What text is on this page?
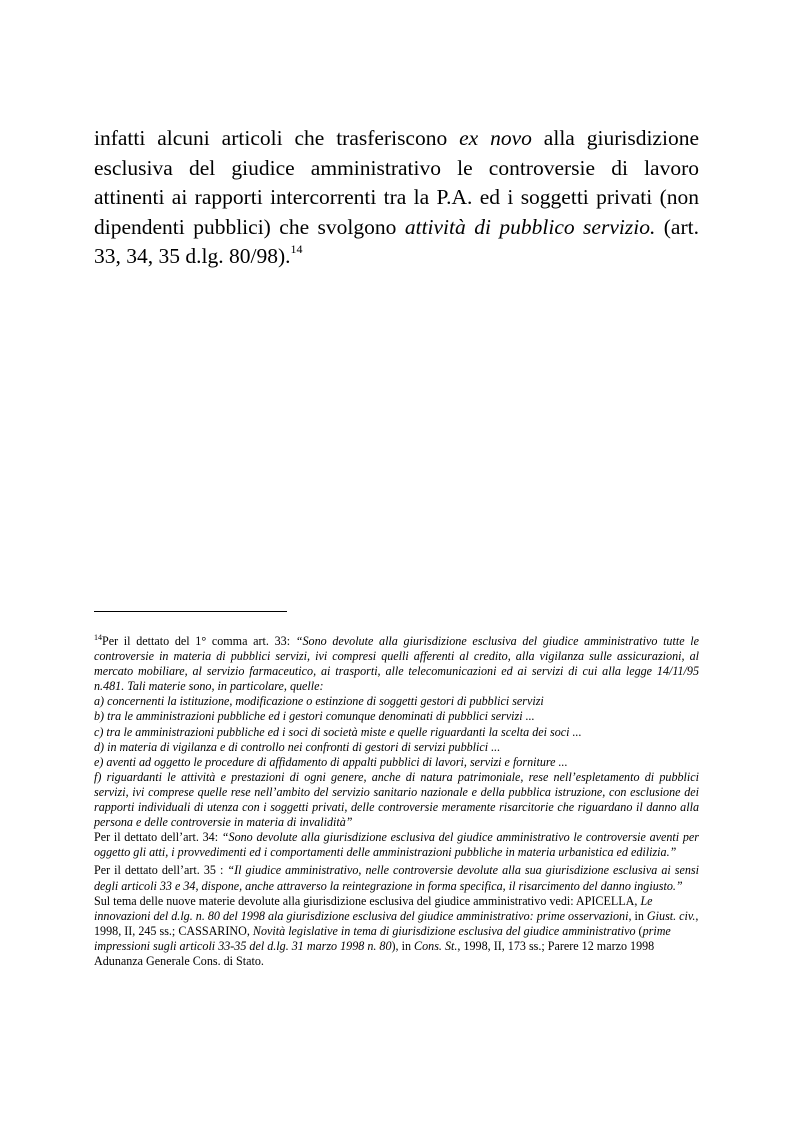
infatti alcuni articoli che trasferiscono ex novo alla giurisdizione esclusiva del giudice amministrativo le controversie di lavoro attinenti ai rapporti intercorrenti tra la P.A. ed i soggetti privati (non dipendenti pubblici) che svolgono attività di pubblico servizio. (art. 33, 34, 35 d.lg. 80/98).$^{14}$

$^{14}$Per il dettato del 1° comma art. 33: “Sono devolute alla giurisdizione esclusiva del giudice amministrativo tutte le controversie in materia di pubblici servizi, ivi compresi quelli afferenti al credito, alla vigilanza sulle assicurazioni, al mercato mobiliare, al servizio farmaceutico, ai trasporti, alle telecomunicazioni ed ai servizi di cui alla legge 14/11/95 n.481. Tali materie sono, in particolare, quelle:

a) concernenti la istituzione, modificazione o estinzione di soggetti gestori di pubblici servizi

b) tra le amministrazioni pubbliche ed i gestori comunque denominati di pubblici servizi ...

c) tra le amministrazioni pubbliche ed i soci di società miste e quelle riguardanti la scelta dei soci ...

d) in materia di vigilanza e di controllo nei confronti di gestori di servizi pubblici ...

e) aventi ad oggetto le procedure di affidamento di appalti pubblici di lavori, servizi e forniture ...

f) riguardanti le attività e prestazioni di ogni genere, anche di natura patrimoniale, rese nell’espletamento di pubblici servizi, ivi comprese quelle rese nell’ambito del servizio sanitario nazionale e della pubblica istruzione, con esclusione dei rapporti individuali di utenza con i soggetti privati, delle controversie meramente risarcitorie che riguardano il danno alla persona e delle controversie in materia di invalidità”

Per il dettato dell’art. 34: “Sono devolute alla giurisdizione esclusiva del giudice amministrativo le controversie aventi per oggetto gli atti, i provvedimenti ed i comportamenti delle amministrazioni pubbliche in materia urbanistica ed edilizia.”

Per il dettato dell’art. 35 : “Il giudice amministrativo, nelle controversie devolute alla sua giurisdizione esclusiva ai sensi degli articoli 33 e 34, dispone, anche attraverso la reintegrazione in forma specifica, il risarcimento del danno ingiusto.”

Sul tema delle nuove materie devolute alla giurisdizione esclusiva del giudice amministrativo vedi: APICELLA, Le innovazioni del d.lg. n. 80 del 1998 ala giurisdizione esclusiva del giudice amministrativo: prime osservazioni, in Giust. civ., 1998, II, 245 ss.; CASSARINO, Novità legislative in tema di giurisdizione esclusiva del giudice amministrativo (prime impressioni sugli articoli 33-35 del d.lg. 31 marzo 1998 n. 80), in Cons. St., 1998, II, 173 ss.; Parere 12 marzo 1998 Adunanza Generale Cons. di Stato.
